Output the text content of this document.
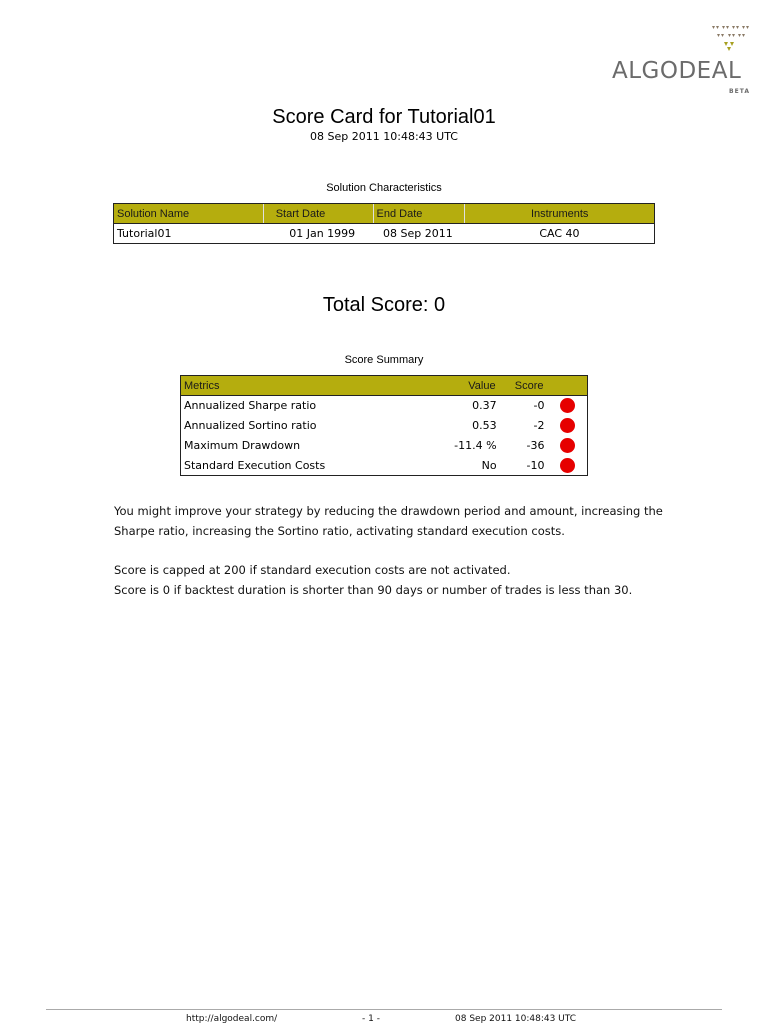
ALGODEAL
BETA
Score Card for Tutorial01
08 Sep 2011 10:48:43 UTC
Solution Characteristics
Solution Name	Start Date	End Date	Instruments
Tutorial01	01 Jan 1999	08 Sep 2011	CAC 40
Total Score: 0
Score Summary
Metrics	Value	Score	
Annualized Sharpe ratio	0.37	-0	
Annualized Sortino ratio	0.53	-2	
Maximum Drawdown	-11.4 %	-36	
Standard Execution Costs	No	-10	
You might improve your strategy by reducing the drawdown period and amount, increasing the Sharpe ratio, increasing the Sortino ratio, activating standard execution costs.
Score is capped at 200 if standard execution costs are not activated.
Score is 0 if backtest duration is shorter than 90 days or number of trades is less than 30.
http://algodeal.com/	- 1 -	08 Sep 2011 10:48:43 UTC
